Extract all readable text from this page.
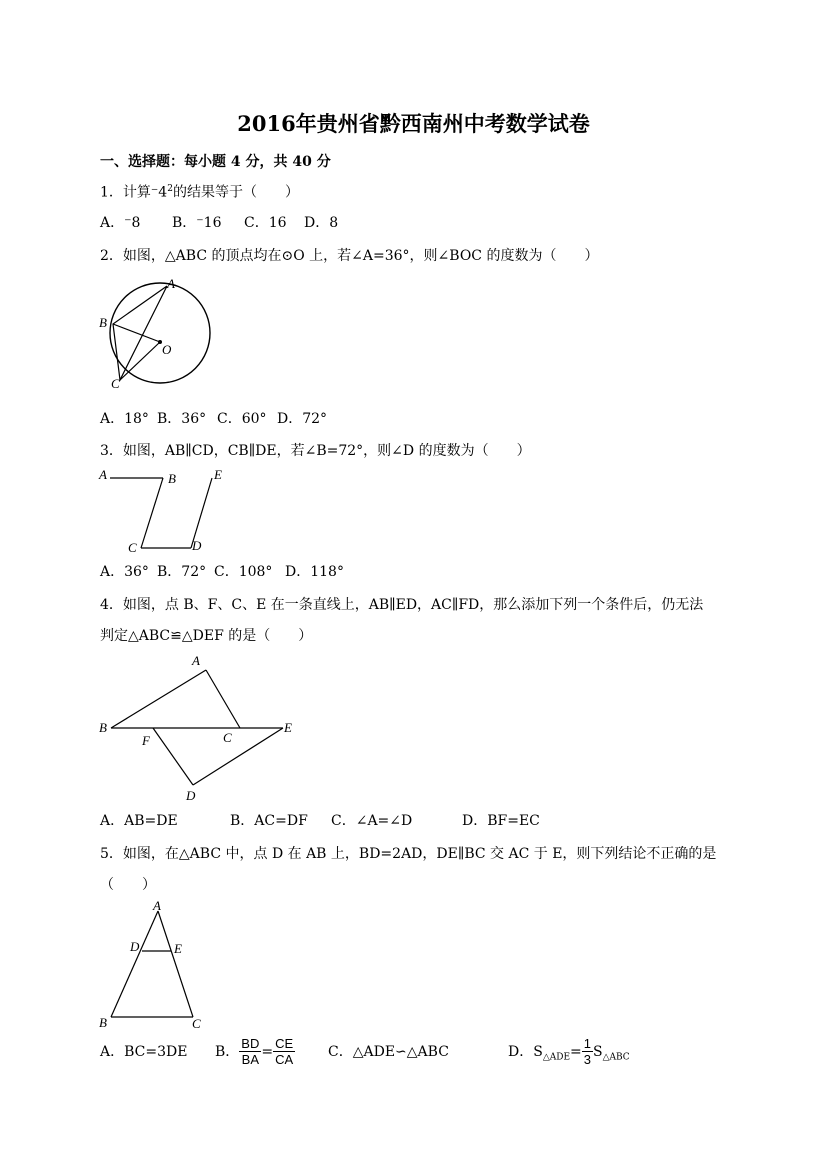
2016年贵州省黔西南州中考数学试卷
一、选择题：每小题 4 分，共 40 分
1．计算$^-4^2$的结果等于（　　）
A．⁻8 B．⁻16 C．16 D．8
2．如图，△ABC 的顶点均在⊙O 上，若∠A=36°，则∠BOC 的度数为（　　）
A
B
O
C
A．18° B．36° C．60° D．72°
3．如图，AB∥CD，CB∥DE，若∠B=72°，则∠D 的度数为（　　）
A	B	E
C	D
A．36° B．72° C．108° D．118°
4．如图，点 B、F、C、E 在一条直线上，AB∥ED，AC∥FD，那么添加下列一个条件后，仍无法
判定△ABC≌△DEF 的是（　　）
A
B
F	C
E
D
A．AB=DE	B．AC=DF C．∠A=∠D	D．BF=EC
5．如图，在△ABC 中，点 D 在 AB 上，BD=2AD，DE∥BC 交 AC 于 E，则下列结论不正确的是
（　　）
A
D	E
B	C
A．BC=3DE B． $\frac{BD}{BA} = \frac{CE}{CA}$ C．△ADE∽△ABC	D．$S_{\triangle ADE}= \frac{1}{3} S_{\triangle ABC}$
